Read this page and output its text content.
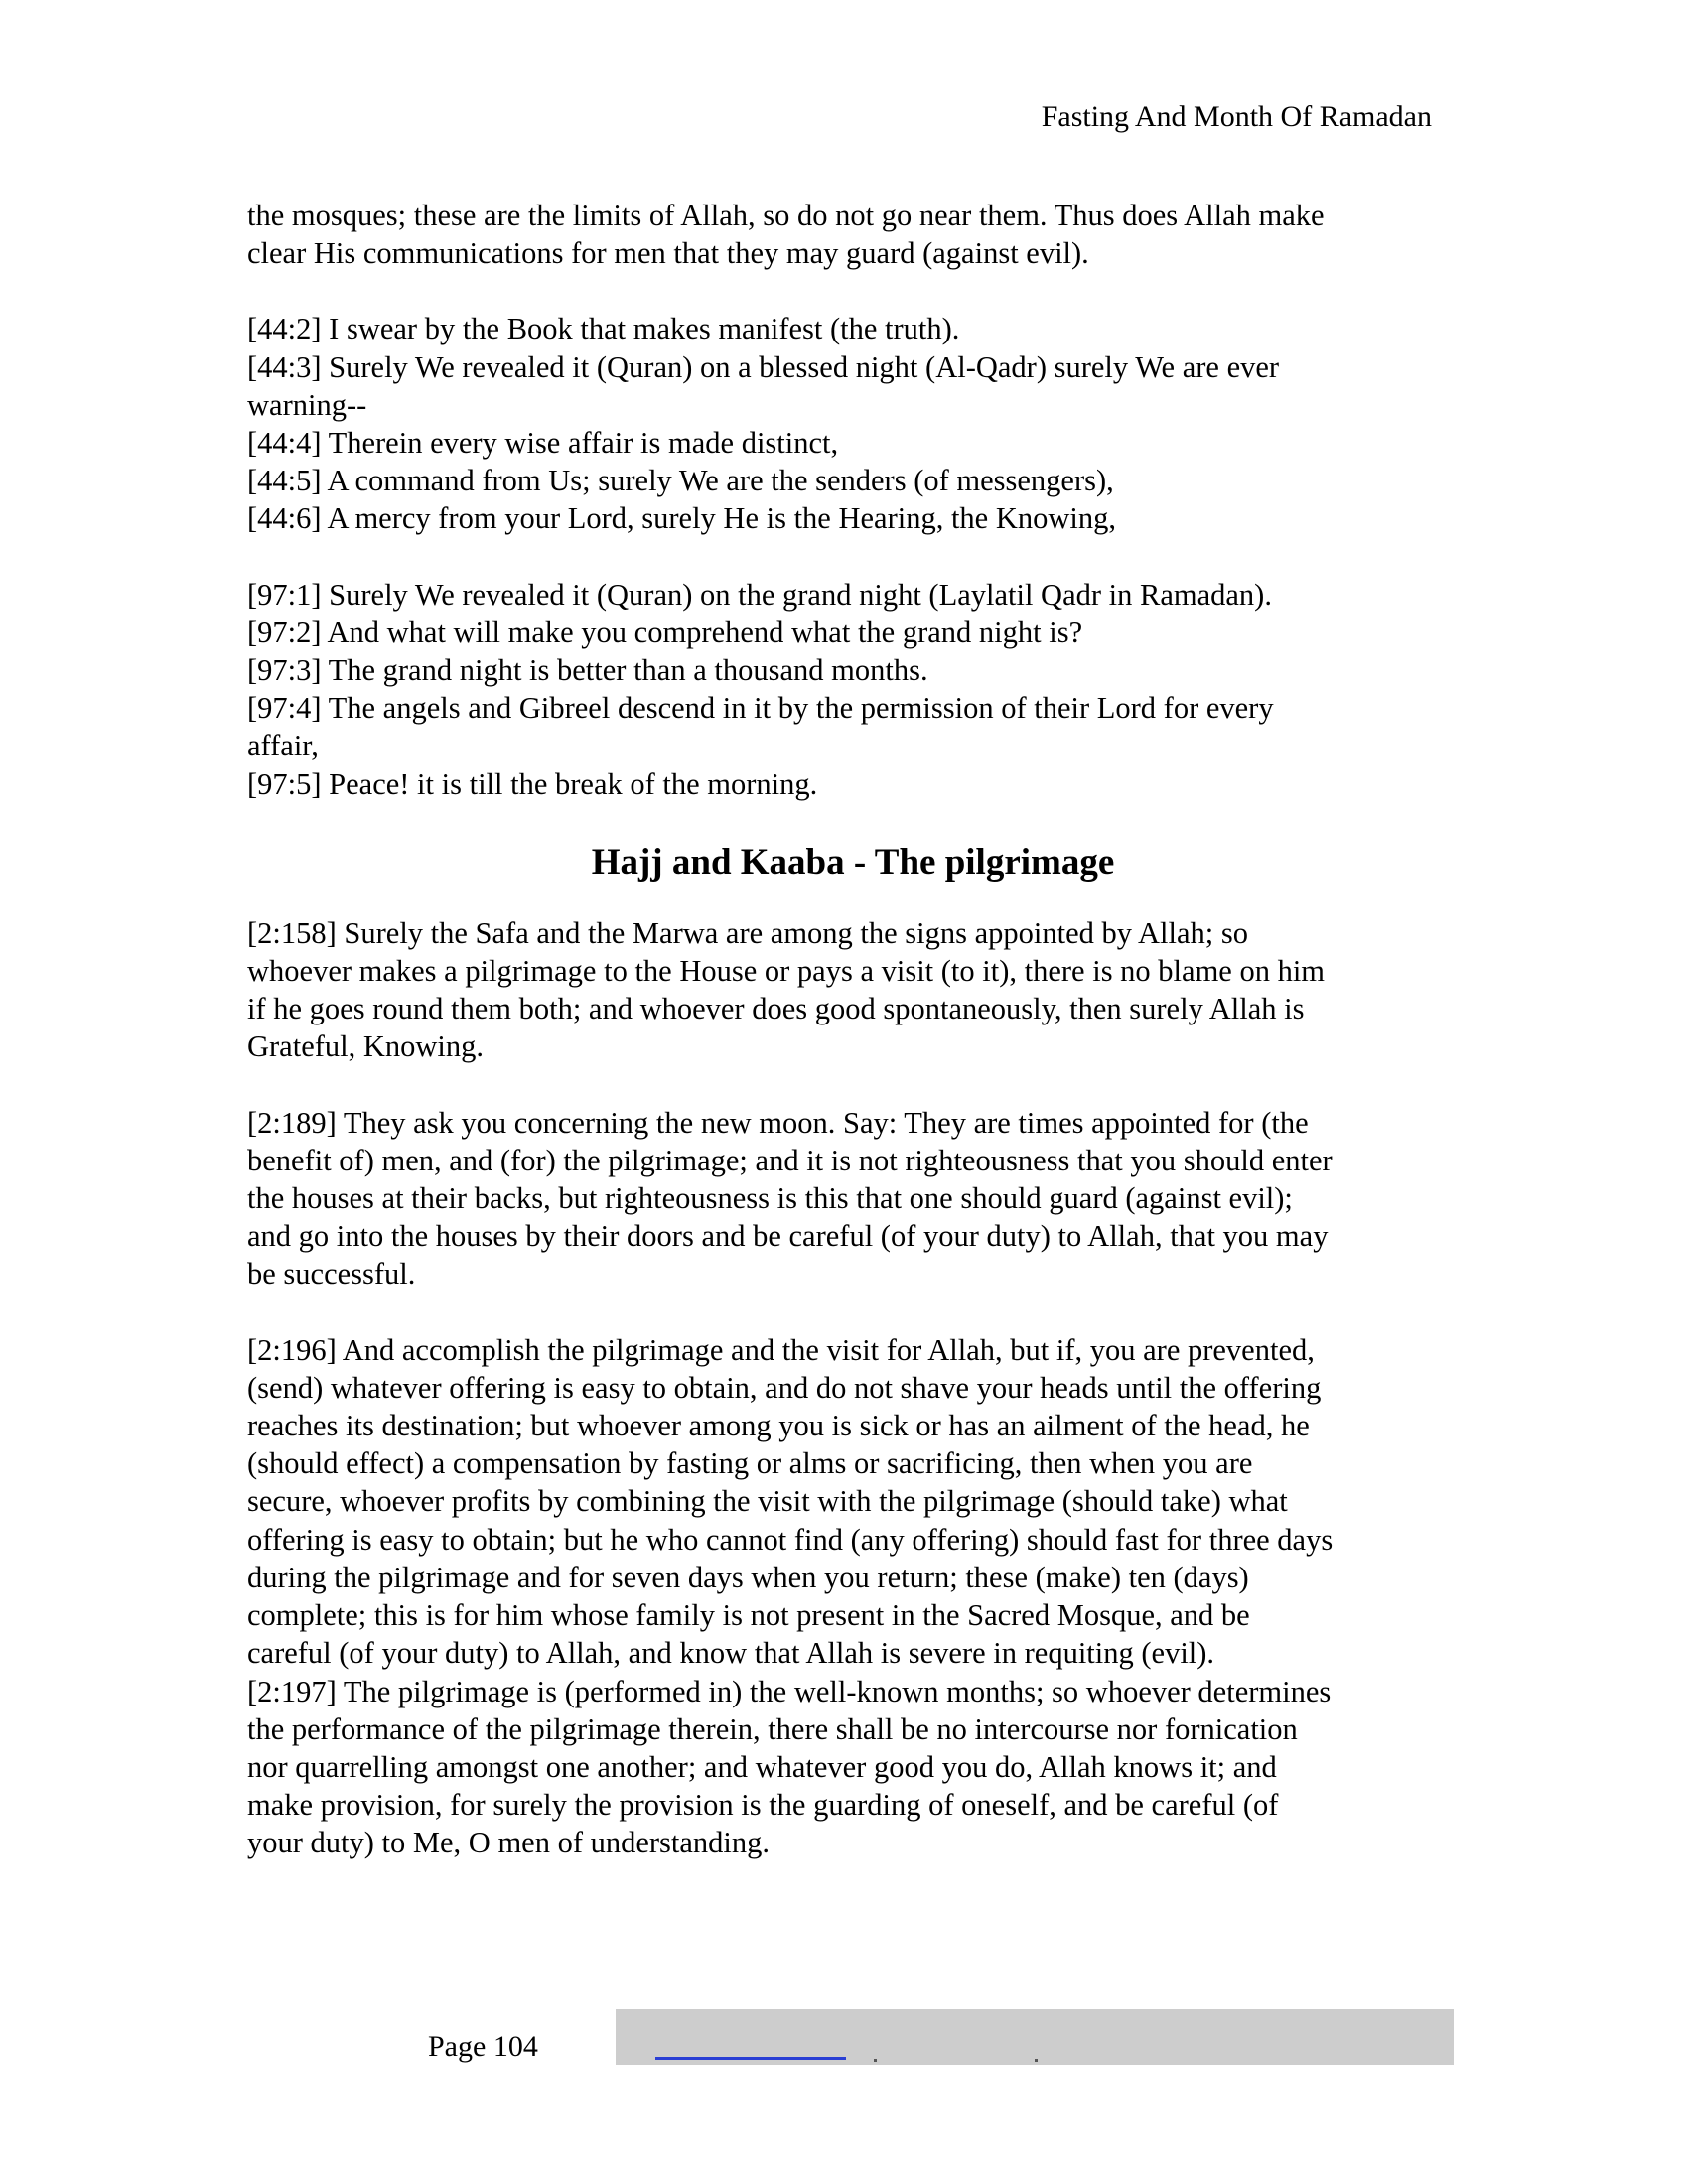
Fasting And Month Of Ramadan
the mosques; these are the limits of Allah, so do not go near them. Thus does Allah make
clear His communications for men that they may guard (against evil).
[44:2] I swear by the Book that makes manifest (the truth).
[44:3] Surely We revealed it (Quran) on a blessed night (Al-Qadr) surely We are ever
warning--
[44:4] Therein every wise affair is made distinct,
[44:5] A command from Us; surely We are the senders (of messengers),
[44:6] A mercy from your Lord, surely He is the Hearing, the Knowing,
[97:1] Surely We revealed it (Quran) on the grand night (Laylatil Qadr in Ramadan).
[97:2] And what will make you comprehend what the grand night is?
[97:3] The grand night is better than a thousand months.
[97:4] The angels and Gibreel descend in it by the permission of their Lord for every
affair,
[97:5] Peace! it is till the break of the morning.
Hajj and Kaaba - The pilgrimage
[2:158] Surely the Safa and the Marwa are among the signs appointed by Allah; so
whoever makes a pilgrimage to the House or pays a visit (to it), there is no blame on him
if he goes round them both; and whoever does good spontaneously, then surely Allah is
Grateful, Knowing.
[2:189] They ask you concerning the new moon. Say: They are times appointed for (the
benefit of) men, and (for) the pilgrimage; and it is not righteousness that you should enter
the houses at their backs, but righteousness is this that one should guard (against evil);
and go into the houses by their doors and be careful (of your duty) to Allah, that you may
be successful.
[2:196] And accomplish the pilgrimage and the visit for Allah, but if, you are prevented,
(send) whatever offering is easy to obtain, and do not shave your heads until the offering
reaches its destination; but whoever among you is sick or has an ailment of the head, he
(should effect) a compensation by fasting or alms or sacrificing, then when you are
secure, whoever profits by combining the visit with the pilgrimage (should take) what
offering is easy to obtain; but he who cannot find (any offering) should fast for three days
during the pilgrimage and for seven days when you return; these (make) ten (days)
complete; this is for him whose family is not present in the Sacred Mosque, and be
careful (of your duty) to Allah, and know that Allah is severe in requiting (evil).
[2:197] The pilgrimage is (performed in) the well-known months; so whoever determines
the performance of the pilgrimage therein, there shall be no intercourse nor fornication
nor quarrelling amongst one another; and whatever good you do, Allah knows it; and
make provision, for surely the provision is the guarding of oneself, and be careful (of
your duty) to Me, O men of understanding.
Page 104
